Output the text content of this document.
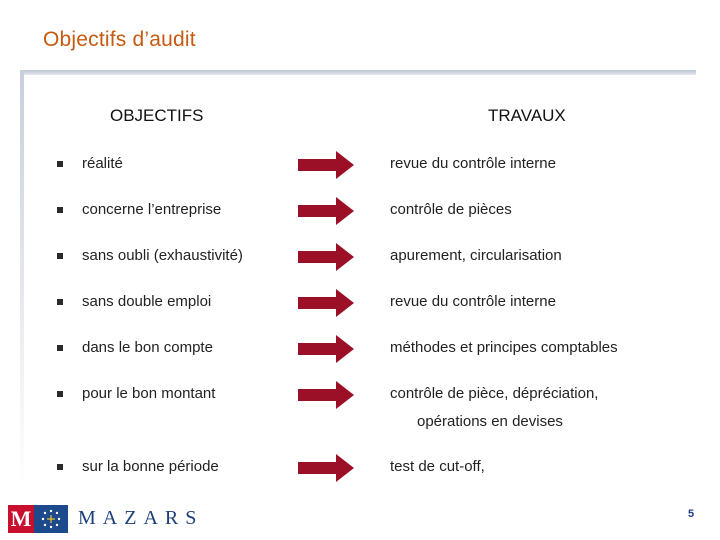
Objectifs d’audit
OBJECTIFS	TRAVAUX
réalité	revue du contrôle interne
concerne l’entreprise	contrôle de pièces
sans oubli (exhaustivité)	apurement, circularisation
sans double emploi	revue du contrôle interne
dans le bon compte	méthodes et principes comptables
pour le bon montant	contrôle de pièce, dépréciation,
opérations en devises
sur la bonne période	test de cut-off,
M MAZARS	5
